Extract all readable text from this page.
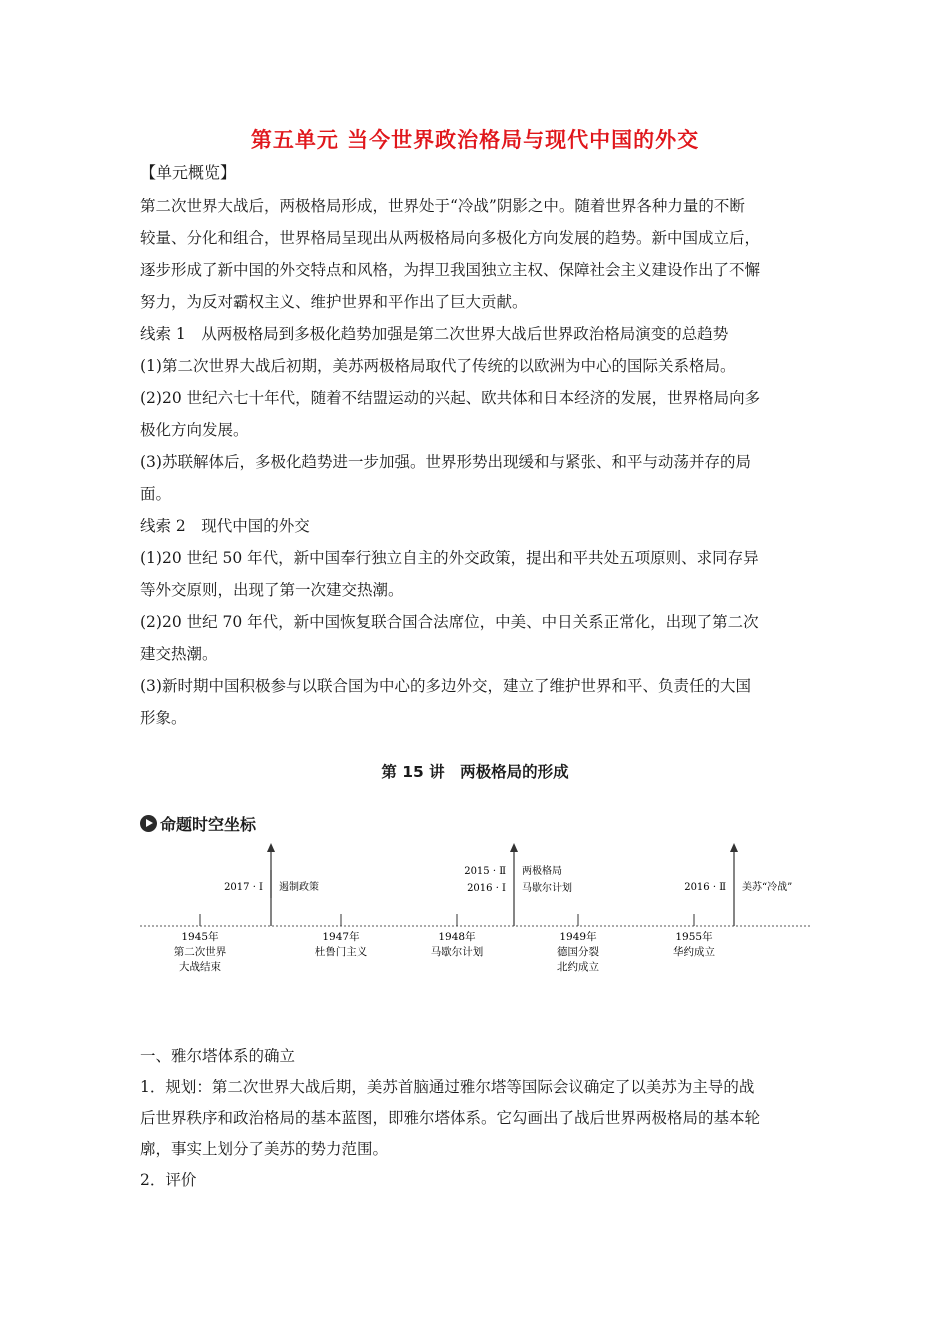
第五单元 当今世界政治格局与现代中国的外交
【单元概览】
第二次世界大战后，两极格局形成，世界处于“冷战”阴影之中。随着世界各种力量的不断
较量、分化和组合，世界格局呈现出从两极格局向多极化方向发展的趋势。新中国成立后，
逐步形成了新中国的外交特点和风格，为捍卫我国独立主权、保障社会主义建设作出了不懈
努力，为反对霸权主义、维护世界和平作出了巨大贡献。
线索 1　从两极格局到多极化趋势加强是第二次世界大战后世界政治格局演变的总趋势
(1)第二次世界大战后初期，美苏两极格局取代了传统的以欧洲为中心的国际关系格局。
(2)20 世纪六七十年代，随着不结盟运动的兴起、欧共体和日本经济的发展，世界格局向多
极化方向发展。
(3)苏联解体后，多极化趋势进一步加强。世界形势出现缓和与紧张、和平与动荡并存的局
面。
线索 2　现代中国的外交
(1)20 世纪 50 年代，新中国奉行独立自主的外交政策，提出和平共处五项原则、求同存异
等外交原则，出现了第一次建交热潮。
(2)20 世纪 70 年代，新中国恢复联合国合法席位，中美、中日关系正常化，出现了第二次
建交热潮。
(3)新时期中国积极参与以联合国为中心的多边外交，建立了维护世界和平、负责任的大国
形象。
第 15 讲　两极格局的形成
命题时空坐标
2017 · Ⅰ 遏制政策
2015 · Ⅱ
2016 · Ⅰ
两极格局
马歇尔计划	2016 · Ⅱ 美苏“冷战”
1945年
第二次世界
大战结束
1947年
杜鲁门主义
1948年
马歇尔计划
1949年
德国分裂
北约成立
1955年
华约成立
一、雅尔塔体系的确立
1．规划：第二次世界大战后期，美苏首脑通过雅尔塔等国际会议确定了以美苏为主导的战
后世界秩序和政治格局的基本蓝图，即雅尔塔体系。它勾画出了战后世界两极格局的基本轮
廓，事实上划分了美苏的势力范围。
2．评价
